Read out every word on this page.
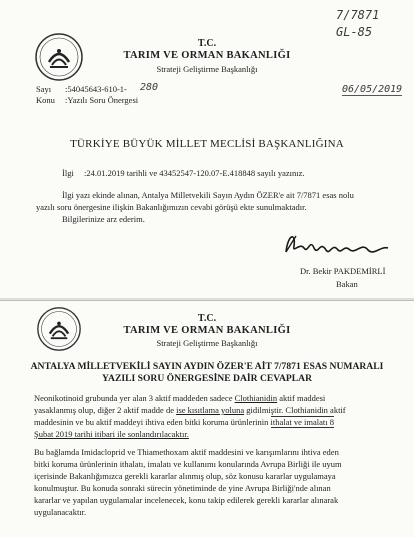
7/7871
GL-85
T.C.
TARIM VE ORMAN BAKANLIĞI
Strateji Geliştirme Başkanlığı
Sayı :54045643-610-1- 280
Konu :Yazılı Soru Önergesi
06/05/2019
TÜRKİYE BÜYÜK MİLLET MECLİSİ BAŞKANLIĞINA
İlgi :24.01.2019 tarihli ve 43452547-120.07-E.418848 sayılı yazınız.
İlgi yazı ekinde alınan, Antalya Milletvekili Sayın Aydın ÖZER'e ait 7/7871 esas nolu
yazılı soru önergesine ilişkin Bakanlığımızın cevabi görüşü ekte sunulmaktadır.
Bilgilerinize arz ederim.
Dr. Bekir PAKDEMİRLİ
Bakan
T.C.
TARIM VE ORMAN BAKANLIĞI
Strateji Geliştirme Başkanlığı
ANTALYA MİLLETVEKİLİ SAYIN AYDIN ÖZER'E AİT 7/7871 ESAS NUMARALI
YAZILI SORU ÖNERGESİNE DAİR CEVAPLAR
Neonikotinoid grubunda yer alan 3 aktif maddeden sadece Clothianidin aktif maddesi
yasaklanmış olup, diğer 2 aktif madde de ise kısıtlama yoluna gidilmiştir. Clothianidin aktif
maddesinin ve bu aktif maddeyi ihtiva eden bitki koruma ürünlerinin ithalat ve imalatı 8
Şubat 2019 tarihi itibari ile sonlandırılacaktır.
Bu bağlamda Imidacloprid ve Thiamethoxam aktif maddesini ve karışımlarını ihtiva eden
bitki koruma ürünlerinin ithalatı, imalatı ve kullanımı konularında Avrupa Birliği ile uyum
içerisinde Bakanlığımızca gerekli kararlar alınmış olup, söz konusu kararlar uygulamaya
konulmuştur. Bu konuda sonraki sürecin yönetiminde de yine Avrupa Birliği'nde alınan
kararlar ve yapılan uygulamalar incelenecek, konu takip edilerek gerekli kararlar alınarak
uygulanacaktır.
